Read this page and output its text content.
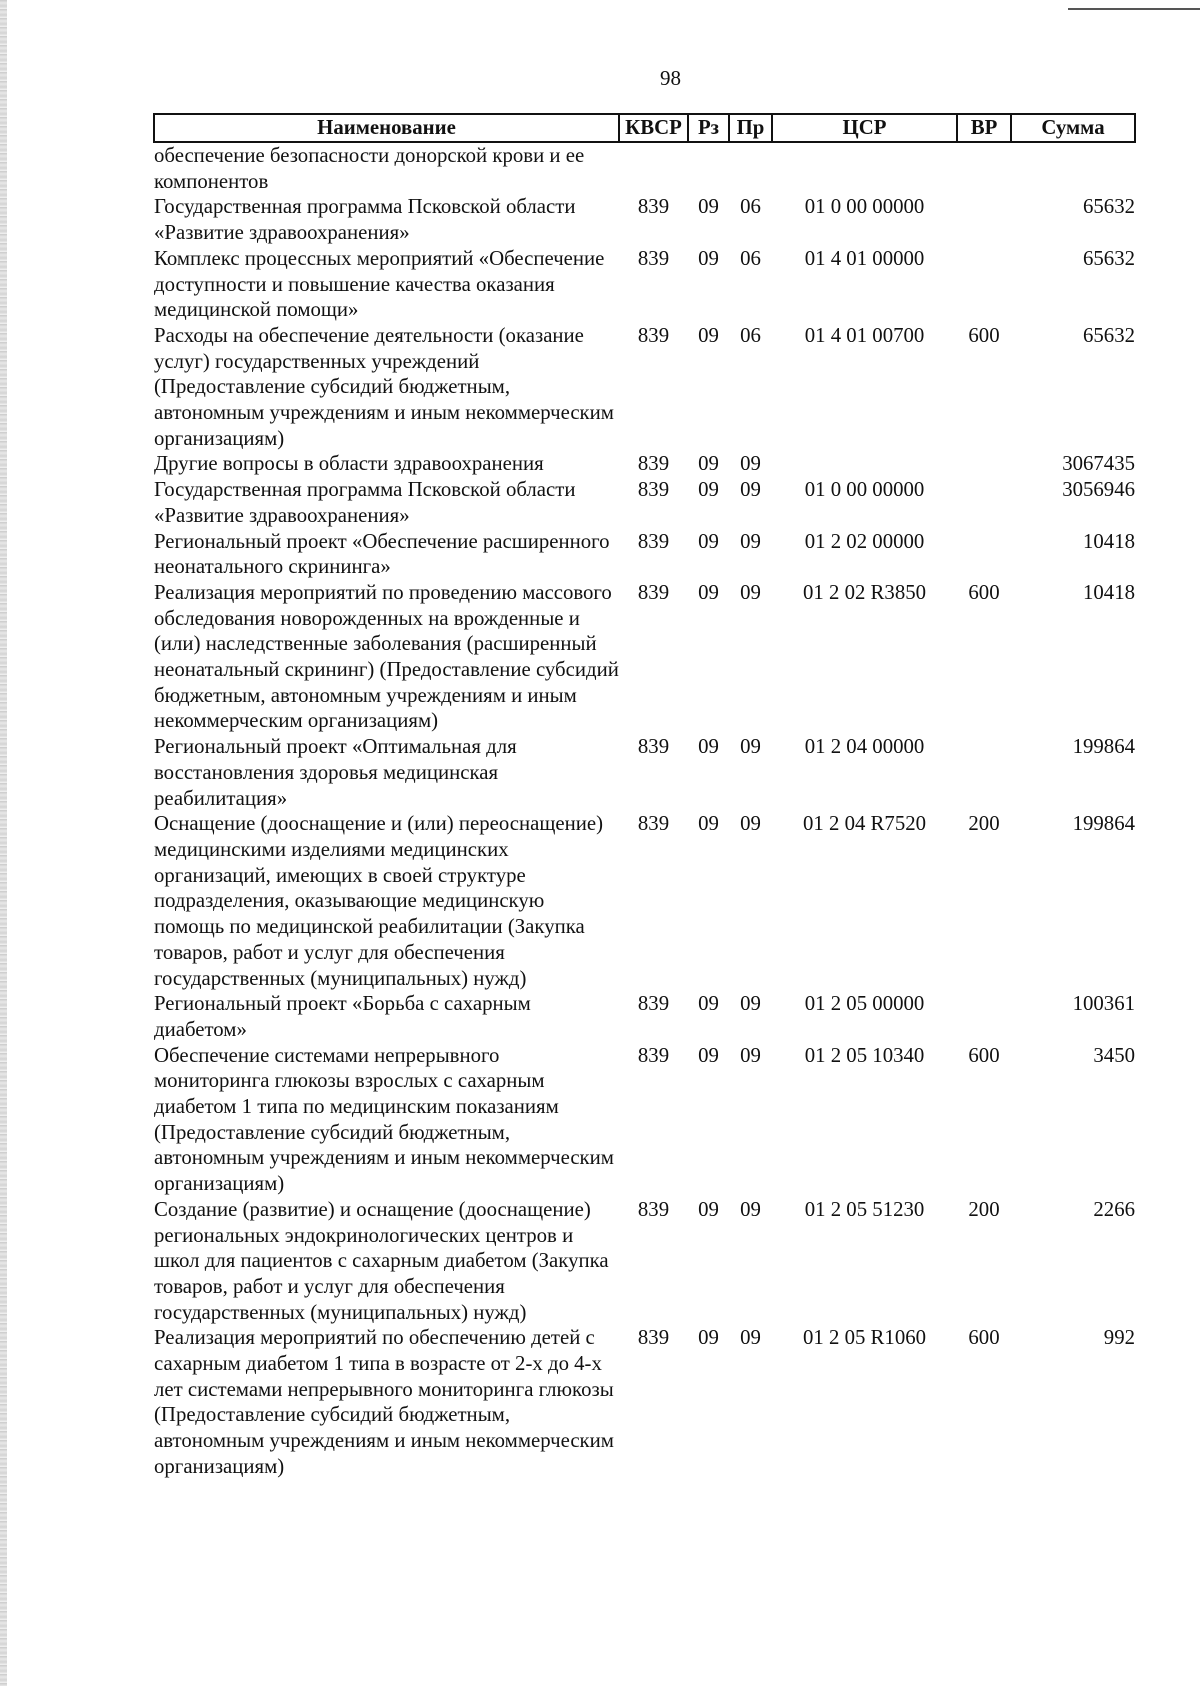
98
Наименование	КВСР	Рз	Пр	ЦСР	ВР	Сумма
обеспечение безопасности донорской крови и ее компонентов						
Государственная программа Псковской области «Развитие здравоохранения»	839	09	06	01 0 00 00000		65632
Комплекс процессных мероприятий «Обеспечение доступности и повышение качества оказания медицинской помощи»	839	09	06	01 4 01 00000		65632
Расходы на обеспечение деятельности (оказание услуг) государственных учреждений (Предоставление субсидий бюджетным, автономным учреждениям и иным некоммерческим организациям)	839	09	06	01 4 01 00700	600	65632
Другие вопросы в области здравоохранения	839	09	09			3067435
Государственная программа Псковской области «Развитие здравоохранения»	839	09	09	01 0 00 00000		3056946
Региональный проект «Обеспечение расширенного неонатального скрининга»	839	09	09	01 2 02 00000		10418
Реализация мероприятий по проведению массового обследования новорожденных на врожденные и (или) наследственные заболевания (расширенный неонатальный скрининг) (Предоставление субсидий бюджетным, автономным учреждениям и иным некоммерческим организациям)	839	09	09	01 2 02 R3850	600	10418
Региональный проект «Оптимальная для восстановления здоровья медицинская реабилитация»	839	09	09	01 2 04 00000		199864
Оснащение (дооснащение и (или) переоснащение) медицинскими изделиями медицинских организаций, имеющих в своей структуре подразделения, оказывающие медицинскую помощь по медицинской реабилитации (Закупка товаров, работ и услуг для обеспечения государственных (муниципальных) нужд)	839	09	09	01 2 04 R7520	200	199864
Региональный проект «Борьба с сахарным диабетом»	839	09	09	01 2 05 00000		100361
Обеспечение системами непрерывного мониторинга глюкозы взрослых с сахарным диабетом 1 типа по медицинским показаниям (Предоставление субсидий бюджетным, автономным учреждениям и иным некоммерческим организациям)	839	09	09	01 2 05 10340	600	3450
Создание (развитие) и оснащение (дооснащение) региональных эндокринологических центров и школ для пациентов с сахарным диабетом (Закупка товаров, работ и услуг для обеспечения государственных (муниципальных) нужд)	839	09	09	01 2 05 51230	200	2266
Реализация мероприятий по обеспечению детей с сахарным диабетом 1 типа в возрасте от 2-х до 4-х лет системами непрерывного мониторинга глюкозы (Предоставление субсидий бюджетным, автономным учреждениям и иным некоммерческим организациям)	839	09	09	01 2 05 R1060	600	992
